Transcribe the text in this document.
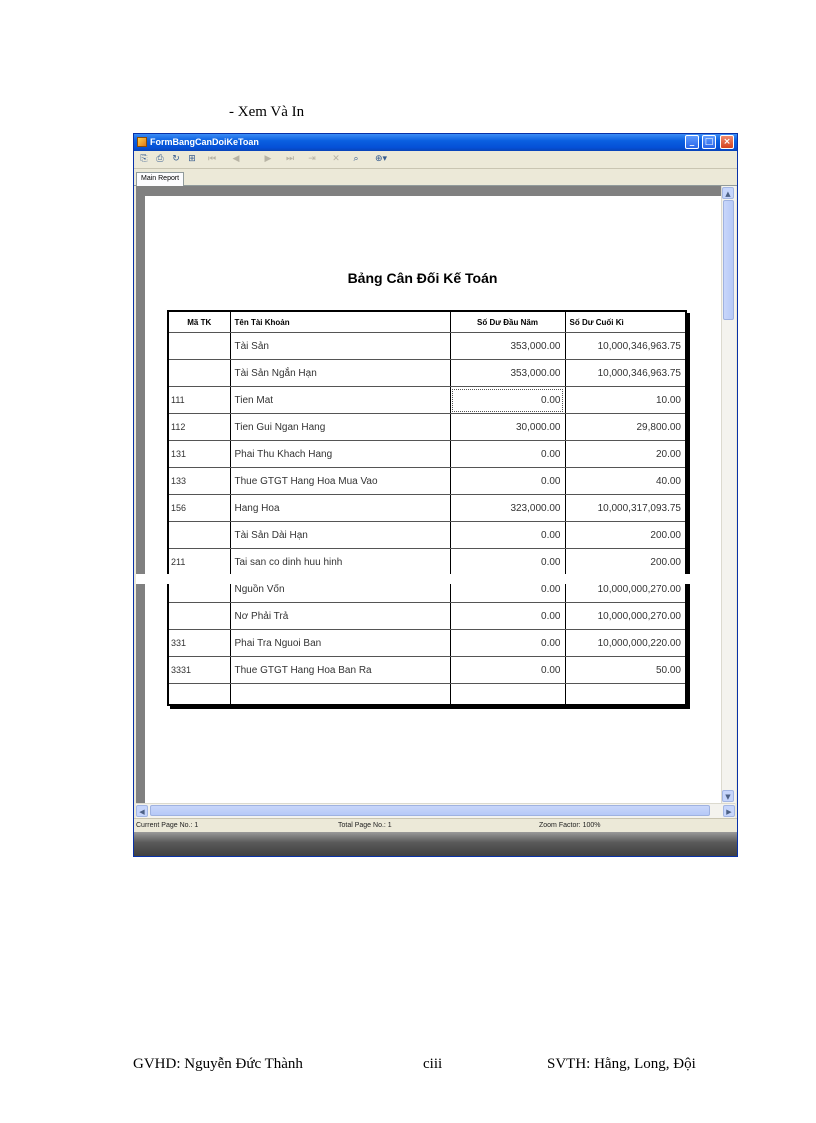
- Xem Và In
FormBangCanDoiKeToan	_	□	×
⎘ ⎙ ↻ ⊞ ⏮ ◀	▶ ⏭ ⇥ ✕	⌕	⊕▾
Main Report
Bảng Cân Đối Kế Toán
Mã TK	Tên Tài Khoản	Số Dư Đầu Năm	Số Dư Cuối Kì
	Tài Sản	353,000.00	10,000,346,963.75
	Tài Sản Ngắn Hạn	353,000.00	10,000,346,963.75
111	Tien Mat	0.00	10.00
112	Tien Gui Ngan Hang	30,000.00	29,800.00
131	Phai Thu Khach Hang	0.00	20.00
133	Thue GTGT Hang Hoa Mua Vao	0.00	40.00
156	Hang Hoa	323,000.00	10,000,317,093.75
	Tài Sản Dài Hạn	0.00	200.00
211	Tai san co dinh huu hinh	0.00	200.00
	Nguồn Vốn	0.00	10,000,000,270.00
	Nơ Phải Trả	0.00	10,000,000,270.00
331	Phai Tra Nguoi Ban	0.00	10,000,000,220.00
3331	Thue GTGT Hang Hoa Ban Ra	0.00	50.00

▲
▼
◀	▶
Current Page No.: 1	Total Page No.: 1	Zoom Factor: 100%
GVHD: Nguyễn Đức Thành	ciii	SVTH: Hằng, Long, Đội
